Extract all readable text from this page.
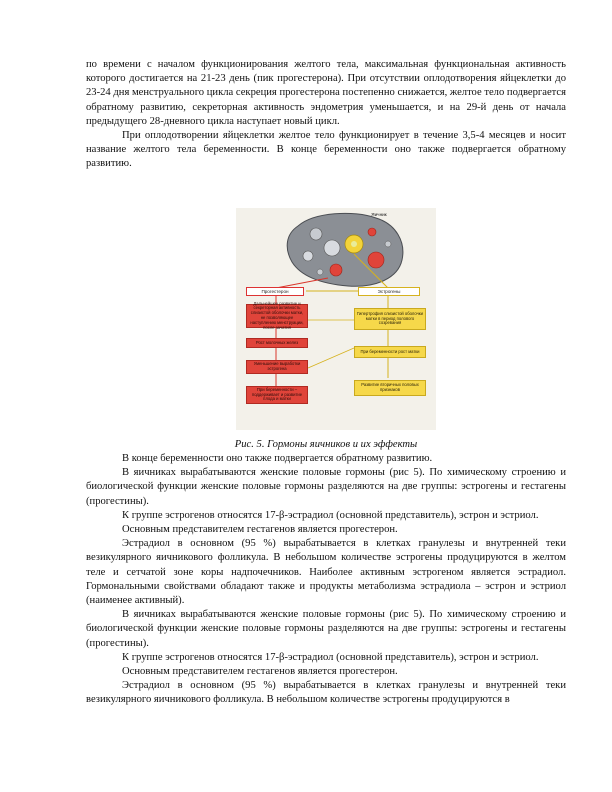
по времени с началом функционирования желтого тела, максимальная функциональная активность которого достигается на 21-23 день (пик прогестерона). При отсутствии оплодотворения яйцеклетки до 23-24 дня менструального цикла секреция прогестерона постепенно снижается, желтое тело подвергается обратному развитию, секреторная активность эндометрия уменьшается, и на 29-й день от начала предыдущего 28-дневного цикла наступает новый цикл.

При оплодотворении яйцеклетки желтое тело функционирует в течение 3,5-4 месяцев и носит название желтого тела беременности. В конце беременности оно также подвергается обратному развитию.

Яичник
Прогестерон	Эстрогены
Дальнейшее развитие и секреторная активность слизистой оболочки матки, не позволяющее наступлению менструации, после зачатия
Рост молочных желез
Уменьшение выработки эстрогена
При беременности – поддерживает и развитие плода и матки
Гипертрофия слизистой оболочки матки в период полового созревания
При беременности рост матки
Развитие вторичных половых признаков
Рис. 5. Гормоны яичников и их эффекты

В конце беременности оно также подвергается обратному развитию.

В яичниках вырабатываются женские половые гормоны (рис 5). По химическому строению и биологической функции женские половые гормоны разделяются на две группы: эстрогены и гестагены (прогестины).

К группе эстрогенов относятся 17-β-эстрадиол (основной представитель), эстрон и эстриол.

Основным представителем гестагенов является прогестерон.

Эстрадиол в основном (95 %) вырабатывается в клетках гранулезы и внутренней теки везикулярного яичникового фолликула. В небольшом количестве эстрогены продуцируются в желтом теле и сетчатой зоне коры надпочечников. Наиболее активным эстрогеном является эстрадиол. Гормональными свойствами обладают также и продукты метаболизма эстрадиола – эстрон и эстриол (наименее активный).

В яичниках вырабатываются женские половые гормоны (рис 5). По химическому строению и биологической функции женские половые гормоны разделяются на две группы: эстрогены и гестагены (прогестины).

К группе эстрогенов относятся 17-β-эстрадиол (основной представитель), эстрон и эстриол.

Основным представителем гестагенов является прогестерон.

Эстрадиол в основном (95 %) вырабатывается в клетках гранулезы и внутренней теки везикулярного яичникового фолликула. В небольшом количестве эстрогены продуцируются в
